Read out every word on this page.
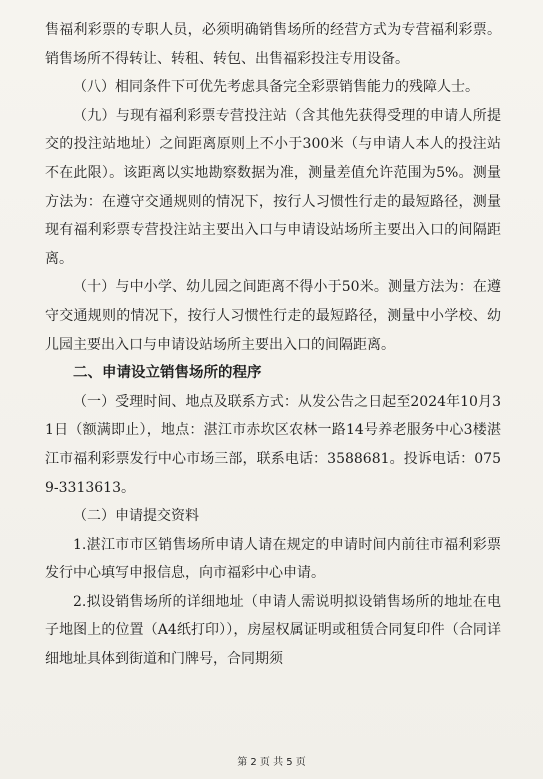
售福利彩票的专职人员，必须明确销售场所的经营方式为专营福利彩票。销售场所不得转让、转租、转包、出售福彩投注专用设备。

（八）相同条件下可优先考虑具备完全彩票销售能力的残障人士。

（九）与现有福利彩票专营投注站（含其他先获得受理的申请人所提交的投注站地址）之间距离原则上不小于300米（与申请人本人的投注站不在此限）。该距离以实地勘察数据为准，测量差值允许范围为5%。测量方法为：在遵守交通规则的情况下，按行人习惯性行走的最短路径，测量现有福利彩票专营投注站主要出入口与申请设站场所主要出入口的间隔距离。

（十）与中小学、幼儿园之间距离不得小于50米。测量方法为：在遵守交通规则的情况下，按行人习惯性行走的最短路径，测量中小学校、幼儿园主要出入口与申请设站场所主要出入口的间隔距离。

二、申请设立销售场所的程序

（一）受理时间、地点及联系方式：从发公告之日起至2024年10月31日（额满即止），地点：湛江市赤坎区农林一路14号养老服务中心3楼湛江市福利彩票发行中心市场三部，联系电话：3588681。投诉电话：0759-3313613。

（二）申请提交资料

1.湛江市市区销售场所申请人请在规定的申请时间内前往市福利彩票发行中心填写申报信息，向市福彩中心申请。

2.拟设销售场所的详细地址（申请人需说明拟设销售场所的地址在电子地图上的位置（A4纸打印）），房屋权属证明或租赁合同复印件（合同详细地址具体到街道和门牌号，合同期须

第 2 页 共 5 页
